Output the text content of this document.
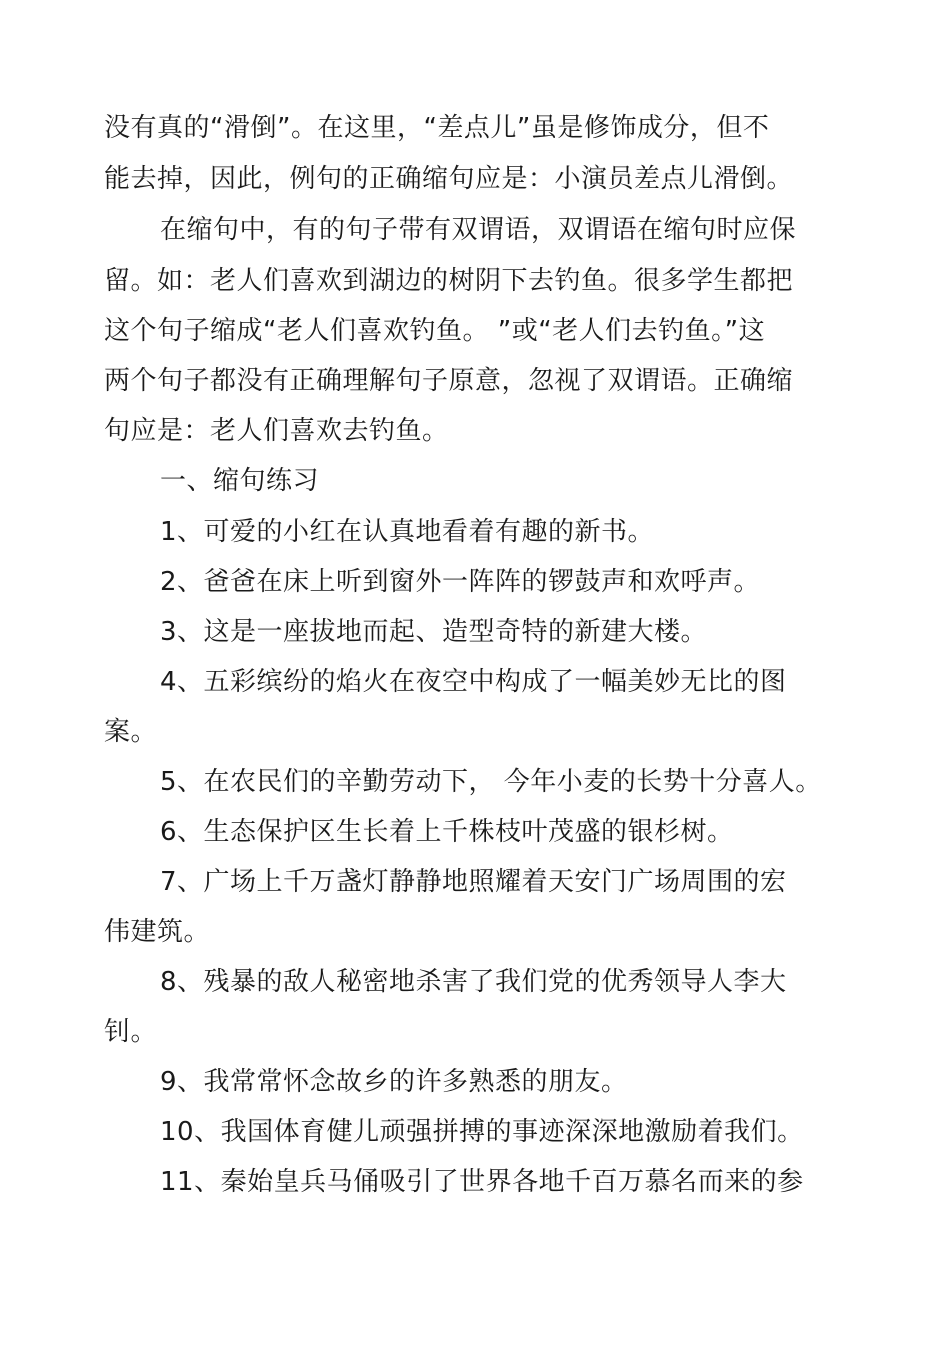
没有真的“滑倒”。在这里，“差点儿”虽是修饰成分，但不
能去掉，因此，例句的正确缩句应是：小演员差点儿滑倒。
在缩句中，有的句子带有双谓语，双谓语在缩句时应保
留。如：老人们喜欢到湖边的树阴下去钓鱼。很多学生都把
这个句子缩成“老人们喜欢钓鱼。 ”或“老人们去钓鱼。”这
两个句子都没有正确理解句子原意，忽视了双谓语。正确缩
句应是：老人们喜欢去钓鱼。
一、缩句练习
1、可爱的小红在认真地看着有趣的新书。
2、爸爸在床上听到窗外一阵阵的锣鼓声和欢呼声。
3、这是一座拔地而起、造型奇特的新建大楼。
4、五彩缤纷的焰火在夜空中构成了一幅美妙无比的图
案。
5、在农民们的辛勤劳动下， 今年小麦的长势十分喜人。
6、生态保护区生长着上千株枝叶茂盛的银杉树。
7、广场上千万盏灯静静地照耀着天安门广场周围的宏
伟建筑。
8、残暴的敌人秘密地杀害了我们党的优秀领导人李大
钊。
9、我常常怀念故乡的许多熟悉的朋友。
10、我国体育健儿顽强拼搏的事迹深深地激励着我们。
11、秦始皇兵马俑吸引了世界各地千百万慕名而来的参
